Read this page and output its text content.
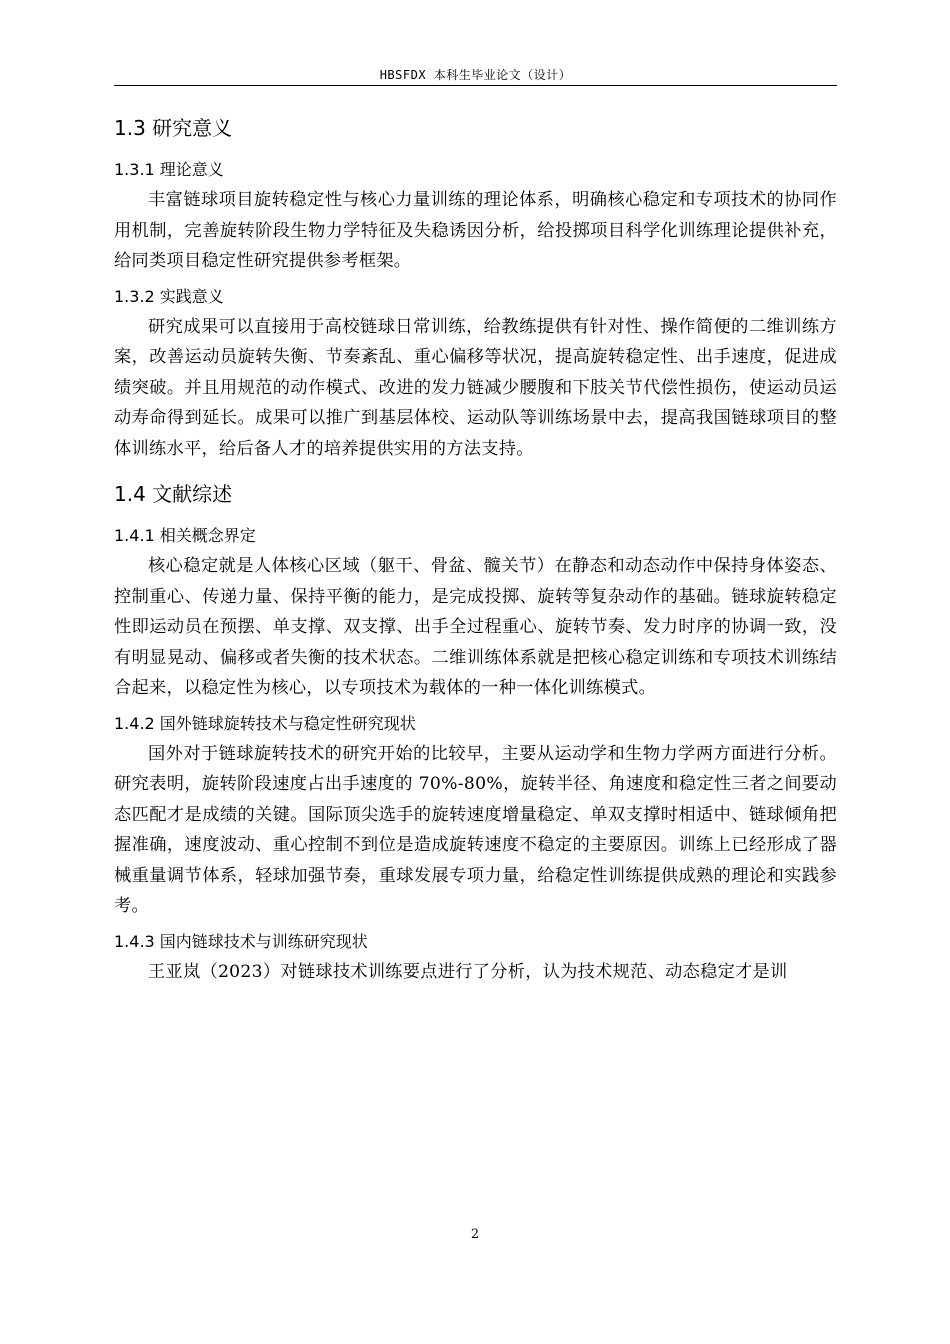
HBSFDX 本科生毕业论文（设计）
1.3 研究意义
1.3.1 理论意义

丰富链球项目旋转稳定性与核心力量训练的理论体系，明确核心稳定和专项技术的协同作用机制，完善旋转阶段生物力学特征及失稳诱因分析，给投掷项目科学化训练理论提供补充，给同类项目稳定性研究提供参考框架。

1.3.2 实践意义

研究成果可以直接用于高校链球日常训练，给教练提供有针对性、操作简便的二维训练方案，改善运动员旋转失衡、节奏紊乱、重心偏移等状况，提高旋转稳定性、出手速度，促进成绩突破。并且用规范的动作模式、改进的发力链减少腰腹和下肢关节代偿性损伤，使运动员运动寿命得到延长。成果可以推广到基层体校、运动队等训练场景中去，提高我国链球项目的整体训练水平，给后备人才的培养提供实用的方法支持。

1.4 文献综述
1.4.1 相关概念界定

核心稳定就是人体核心区域（躯干、骨盆、髋关节）在静态和动态动作中保持身体姿态、控制重心、传递力量、保持平衡的能力，是完成投掷、旋转等复杂动作的基础。链球旋转稳定性即运动员在预摆、单支撑、双支撑、出手全过程重心、旋转节奏、发力时序的协调一致，没有明显晃动、偏移或者失衡的技术状态。二维训练体系就是把核心稳定训练和专项技术训练结合起来，以稳定性为核心，以专项技术为载体的一种一体化训练模式。

1.4.2 国外链球旋转技术与稳定性研究现状

国外对于链球旋转技术的研究开始的比较早，主要从运动学和生物力学两方面进行分析。研究表明，旋转阶段速度占出手速度的 70%-80%，旋转半径、角速度和稳定性三者之间要动态匹配才是成绩的关键。国际顶尖选手的旋转速度增量稳定、单双支撑时相适中、链球倾角把握准确，速度波动、重心控制不到位是造成旋转速度不稳定的主要原因。训练上已经形成了器械重量调节体系，轻球加强节奏，重球发展专项力量，给稳定性训练提供成熟的理论和实践参考。

1.4.3 国内链球技术与训练研究现状

王亚岚（2023）对链球技术训练要点进行了分析，认为技术规范、动态稳定才是训

2
